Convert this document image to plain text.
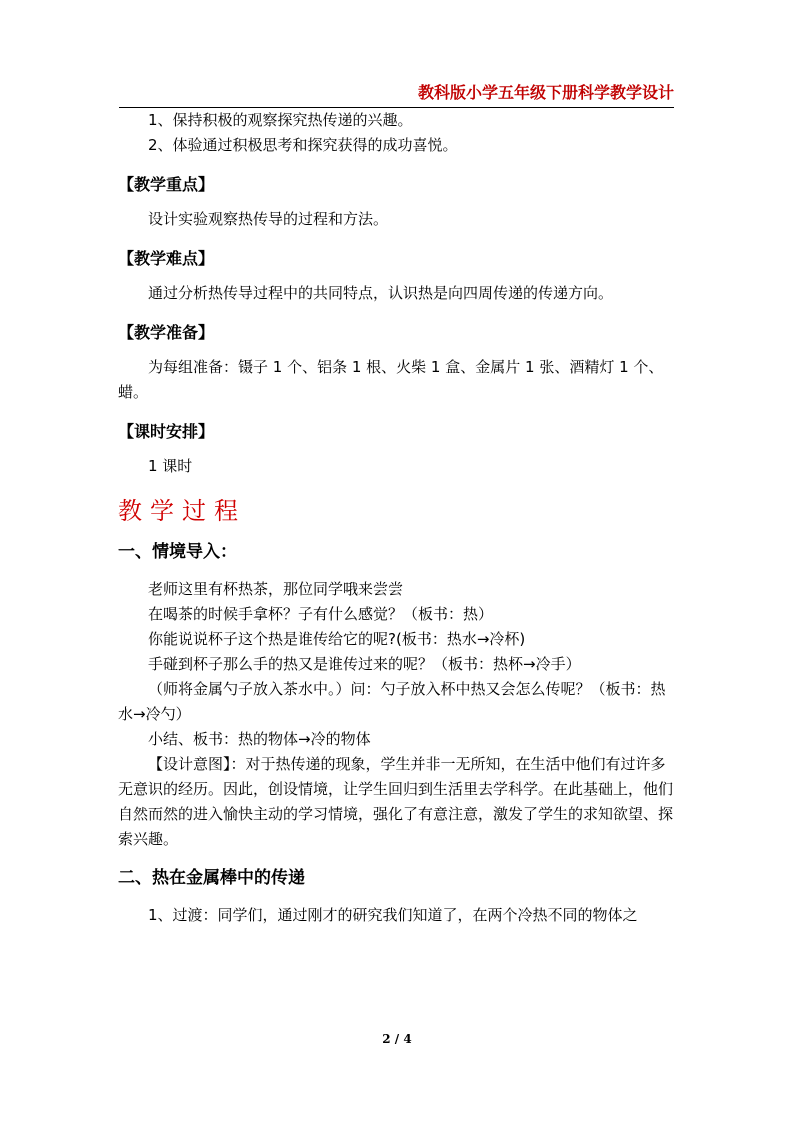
教科版小学五年级下册科学教学设计

1、保持积极的观察探究热传递的兴趣。

2、体验通过积极思考和探究获得的成功喜悦。

【教学重点】

设计实验观察热传导的过程和方法。

【教学难点】

通过分析热传导过程中的共同特点，认识热是向四周传递的传递方向。

【教学准备】

为每组准备：镊子 1 个、铝条 1 根、火柴 1 盒、金属片 1 张、酒精灯 1 个、蜡。

【课时安排】

1 课时

教学过程
一、情境导入：

老师这里有杯热茶，那位同学哦来尝尝

在喝茶的时候手拿杯？子有什么感觉？（板书：热）

你能说说杯子这个热是谁传给它的呢?(板书：热水→冷杯)

手碰到杯子那么手的热又是谁传过来的呢？（板书：热杯→冷手）

（师将金属勺子放入茶水中。）问：勺子放入杯中热又会怎么传呢？（板书：热水→冷勺）

小结、板书：热的物体→冷的物体

【设计意图】：对于热传递的现象，学生并非一无所知，在生活中他们有过许多无意识的经历。因此，创设情境，让学生回归到生活里去学科学。在此基础上，他们自然而然的进入愉快主动的学习情境，强化了有意注意，激发了学生的求知欲望、探索兴趣。

二、热在金属棒中的传递

1、过渡：同学们，通过刚才的研究我们知道了，在两个冷热不同的物体之

2 / 4
